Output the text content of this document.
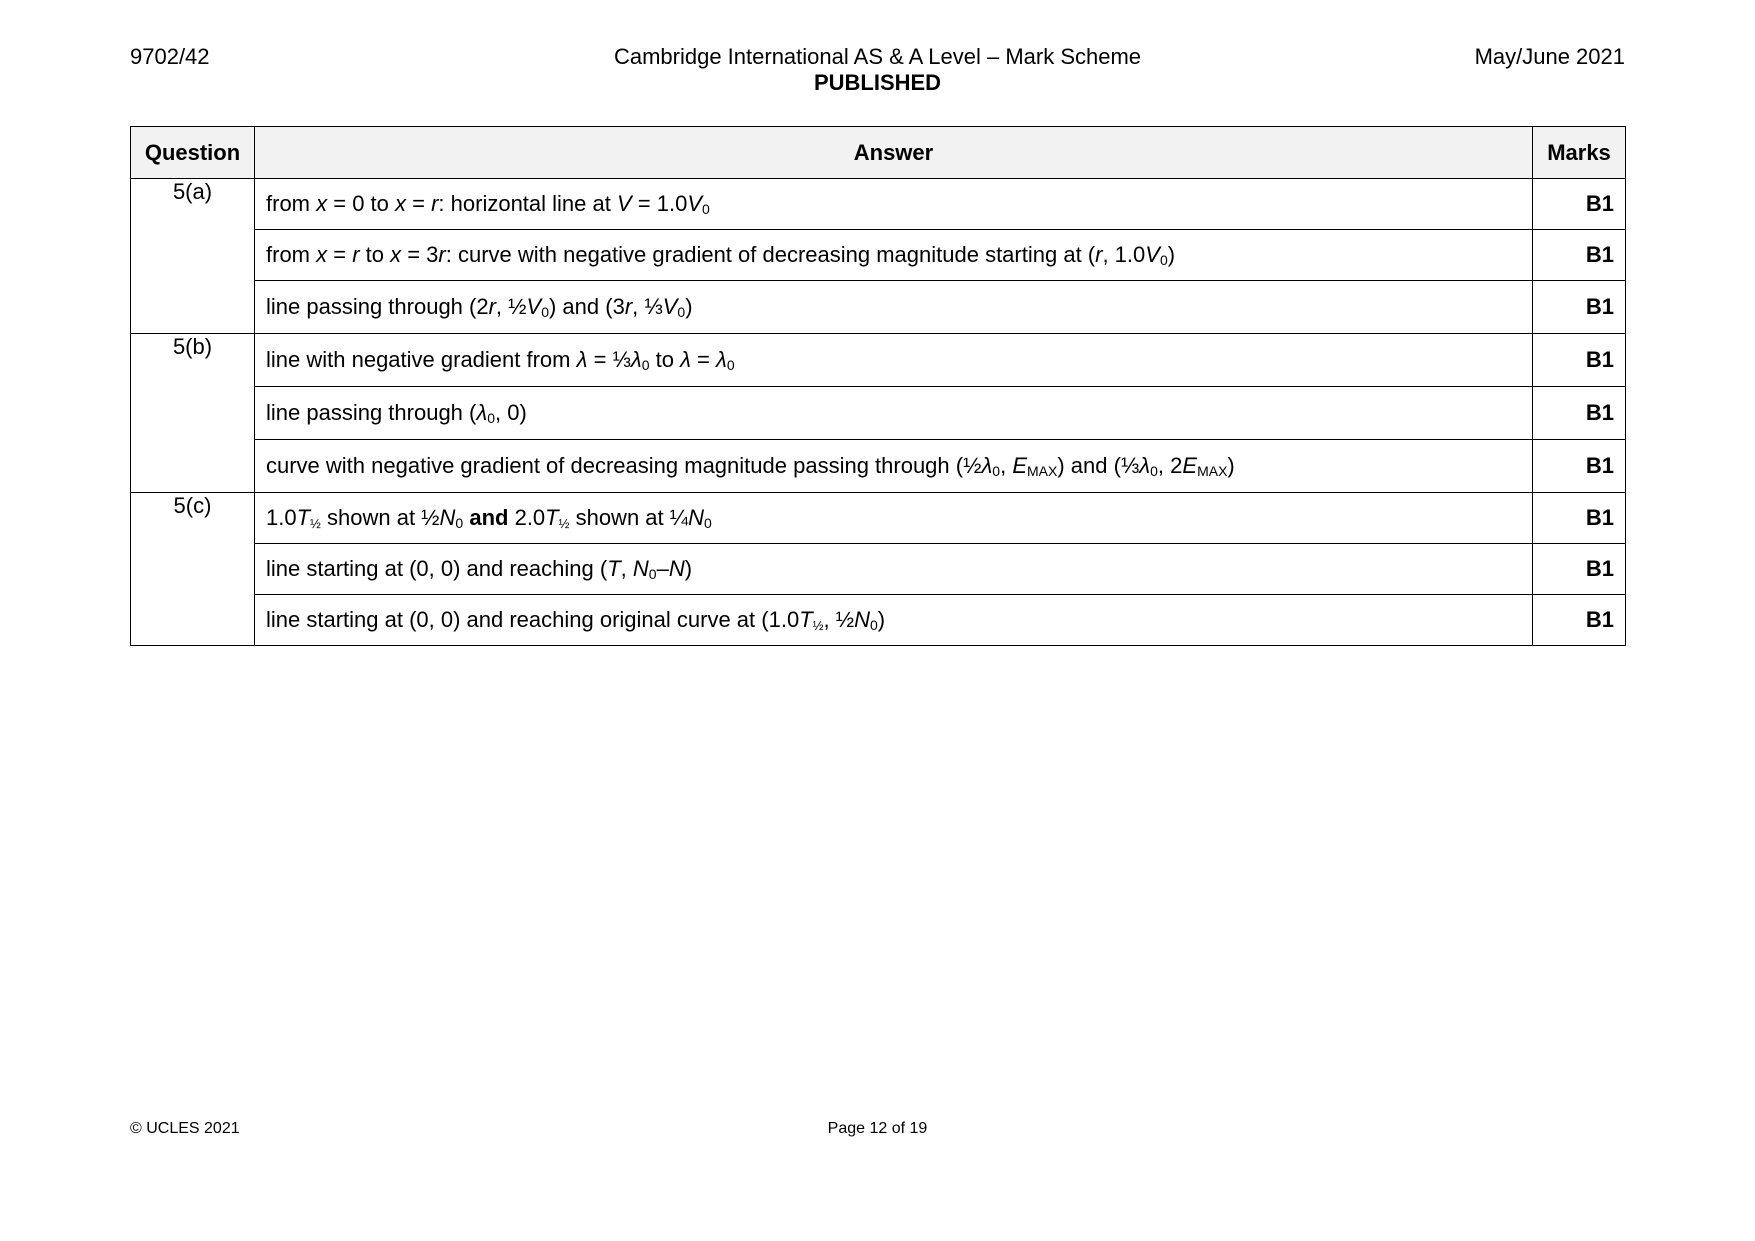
9702/42	Cambridge International AS & A Level – Mark Scheme
PUBLISHED
May/June 2021
Question	Answer	Marks
5(a)	from x = 0 to x = r: horizontal line at $V = 1.0V_0$	B1
	from x = r to x = 3r: curve with negative gradient of decreasing magnitude starting at (r, $1.0V_0$)	B1
	line passing through (2r, $\frac{1}{2}V_0$) and (3r, $\frac{1}{3}V_0$)	B1
5(b)	line with negative gradient from $\lambda = \frac{1}{3}\lambda_0$ to $\lambda = \lambda_0$	B1
	line passing through ($\lambda_0$, 0)	B1
	curve with negative gradient of decreasing magnitude passing through ($\frac{1}{2}\lambda_0$, $E_{MAX}$) and ($\frac{1}{3}\lambda_0$, $2E_{MAX}$)	B1
5(c)	$1.0T_{\frac{1}{2}}$ shown at $\frac{1}{2}N_0$ and $2.0T_{\frac{1}{2}}$ shown at $\frac{1}{4}N_0$	B1
	line starting at (0, 0) and reaching (T, $N_0-N$)	B1
	line starting at (0, 0) and reaching original curve at ($1.0T_{\frac{1}{2}}$, $\frac{1}{2}N_0$)	B1
© UCLES 2021	Page 12 of 19
